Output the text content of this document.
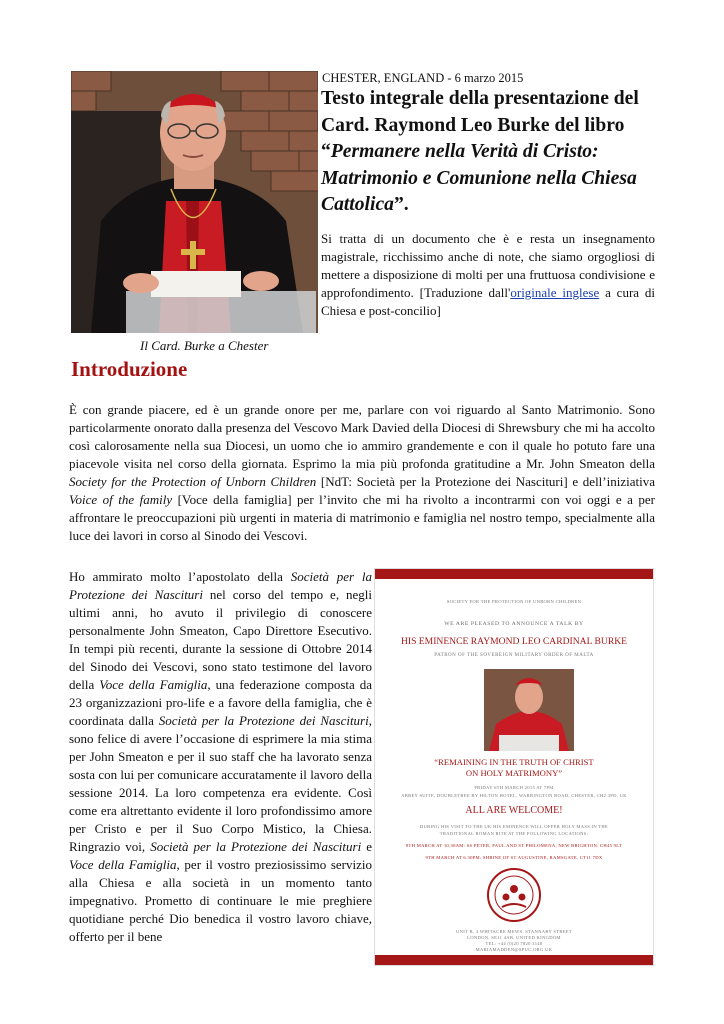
Il Card. Burke a Chester
CHESTER, ENGLAND - 6 marzo 2015
Testo integrale della presentazione del Card. Raymond Leo Burke del libro “Permanere nella Verità di Cristo: Matrimonio e Comunione nella Chiesa Cattolica”.

Si tratta di un documento che è e resta un insegnamento magistrale, ricchissimo anche di note, che siamo orgogliosi di mettere a disposizione di molti per una fruttuosa condivisione e approfondimento. [Traduzione dall'originale inglese a cura di Chiesa e post-concilio]

Introduzione

È con grande piacere, ed è un grande onore per me, parlare con voi riguardo al Santo Matrimonio. Sono particolarmente onorato dalla presenza del Vescovo Mark Davied della Diocesi di Shrewsbury che mi ha accolto così calorosamente nella sua Diocesi, un uomo che io ammiro grandemente e con il quale ho potuto fare una piacevole visita nel corso della giornata. Esprimo la mia più profonda gratitudine a Mr. John Smeaton della Society for the Protection of Unborn Children [NdT: Società per la Protezione dei Nascituri] e dell’iniziativa Voice of the family [Voce della famiglia] per l’invito che mi ha rivolto a incontrarmi con voi oggi e a per affrontare le preoccupazioni più urgenti in materia di matrimonio e famiglia nel nostro tempo, specialmente alla luce dei lavori in corso al Sinodo dei Vescovi.

Ho ammirato molto l’apostolato della Società per la Protezione dei Nascituri nel corso del tempo e, negli ultimi anni, ho avuto il privilegio di conoscere personalmente John Smeaton, Capo Direttore Esecutivo. In tempi più recenti, durante la sessione di Ottobre 2014 del Sinodo dei Vescovi, sono stato testimone del lavoro della Voce della Famiglia, una federazione composta da 23 organizzazioni pro-life e a favore della famiglia, che è coordinata dalla Società per la Protezione dei Nascituri, sono felice di avere l’occasione di esprimere la mia stima per John Smeaton e per il suo staff che ha lavorato senza sosta con lui per comunicare accuratamente il lavoro della sessione 2014. La loro competenza era evidente. Così come era altrettanto evidente il loro profondissimo amore per Cristo e per il Suo Corpo Mistico, la Chiesa. Ringrazio voi, Società per la Protezione dei Nascituri e Voce della Famiglia, per il vostro preziosissimo servizio alla Chiesa e alla società in un momento tanto impegnativo. Prometto di continuare le mie preghiere quotidiane perché Dio benedica il vostro lavoro chiave, offerto per il bene

SOCIETY FOR THE PROTECTION OF UNBORN CHILDREN
WE ARE PLEASED TO ANNOUNCE A TALK BY
HIS EMINENCE RAYMOND LEO CARDINAL BURKE
PATRON OF THE SOVEREIGN MILITARY ORDER OF MALTA
“REMAINING IN THE TRUTH OF CHRIST
ON HOLY MATRIMONY”
FRIDAY 6TH MARCH 2015 AT 7PM
ABBEY SUITE, DOUBLETREE BY HILTON HOTEL, WARRINGTON ROAD, CHESTER, CH2 3PD, UK
ALL ARE WELCOME!
DURING HIS VISIT TO THE UK HIS EMINENCE WILL OFFER HOLY MASS IN THE
TRADITIONAL ROMAN RITE AT THE FOLLOWING LOCATIONS:
8TH MARCH AT 10.30AM: SS PETER, PAUL AND ST PHILOMENA, NEW BRIGHTON, CH45 9LT
9TH MARCH AT 6.30PM: SHRINE OF ST AUGUSTINE, RAMSGATE, CT11 7DX
UNIT B, 3 WHITACRE MEWS, STANNARY STREET
LONDON, SE11 4AB, UNITED KINGDOM
TEL: +44 (0)20 7820 3140
MARIAMADDEN@SPUC.ORG.UK
